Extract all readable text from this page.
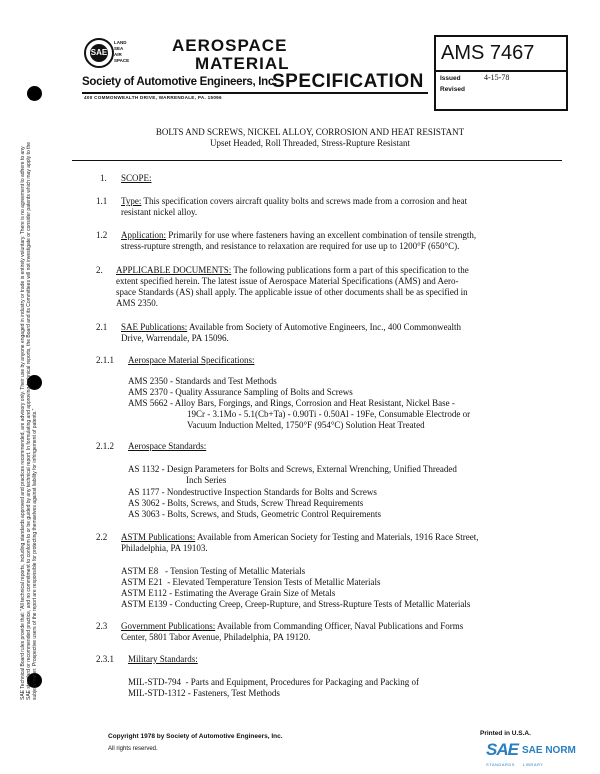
SAE Technical Board rules provide that: "All technical reports, including standards approved and practices recommended, are advisory only. Their use by anyone engaged in industry or trade is entirely voluntary. There is no agreement to adhere to any SAE standard or recommended practice, and no commitment to conform to or be guided by any technical report. In formulating and approving technical reports, the Board and its Committees will not investigate or consider patents which may apply to the subject matter. Prospective users of the report are responsible for protecting themselves against liability for infringement of patents."
SAE
LAND
SEA
AIR
SPACE
AEROSPACE
MATERIAL
SPECIFICATION
Society of Automotive Engineers, Inc.
400 COMMONWEALTH DRIVE, WARRENDALE, PA. 15096
AMS 7467
Issued	4-15-78
Revised
BOLTS AND SCREWS, NICKEL ALLOY, CORROSION AND HEAT RESISTANT
Upset Headed, Roll Threaded, Stress-Rupture Resistant
1. SCOPE:
1.1 Type: This specification covers aircraft quality bolts and screws made from a corrosion and heat
resistant nickel alloy.
1.2 Application: Primarily for use where fasteners having an excellent combination of tensile strength,
stress-rupture strength, and resistance to relaxation are required for use up to 1200°F (650°C).
2. APPLICABLE DOCUMENTS: The following publications form a part of this specification to the
extent specified herein. The latest issue of Aerospace Material Specifications (AMS) and Aero-
space Standards (AS) shall apply. The applicable issue of other documents shall be as specified in
AMS 2350.
2.1 SAE Publications: Available from Society of Automotive Engineers, Inc., 400 Commonwealth
Drive, Warrendale, PA 15096.
2.1.1 Aerospace Material Specifications:
AMS 2350 - Standards and Test Methods
AMS 2370 - Quality Assurance Sampling of Bolts and Screws
AMS 5662 - Alloy Bars, Forgings, and Rings, Corrosion and Heat Resistant, Nickel Base -
19Cr - 3.1Mo - 5.1(Cb+Ta) - 0.90Ti - 0.50Al - 19Fe, Consumable Electrode or
Vacuum Induction Melted, 1750°F (954°C) Solution Heat Treated
2.1.2 Aerospace Standards:
AS 1132 - Design Parameters for Bolts and Screws, External Wrenching, Unified Threaded
Inch Series
AS 1177 - Nondestructive Inspection Standards for Bolts and Screws
AS 3062 - Bolts, Screws, and Studs, Screw Thread Requirements
AS 3063 - Bolts, Screws, and Studs, Geometric Control Requirements
2.2 ASTM Publications: Available from American Society for Testing and Materials, 1916 Race Street,
Philadelphia, PA 19103.
ASTM E8   - Tension Testing of Metallic Materials
ASTM E21  - Elevated Temperature Tension Tests of Metallic Materials
ASTM E112 - Estimating the Average Grain Size of Metals
ASTM E139 - Conducting Creep, Creep-Rupture, and Stress-Rupture Tests of Metallic Materials
2.3 Government Publications: Available from Commanding Officer, Naval Publications and Forms
Center, 5801 Tabor Avenue, Philadelphia, PA 19120.
2.3.1 Military Standards:
MIL-STD-794  - Parts and Equipment, Procedures for Packaging and Packing of
MIL-STD-1312 - Fasteners, Test Methods
Copyright 1978 by Society of Automotive Engineers, Inc.
All rights reserved.
Printed in U.S.A.
SAE SAE NORM
STANDARDS     LIBRARY
